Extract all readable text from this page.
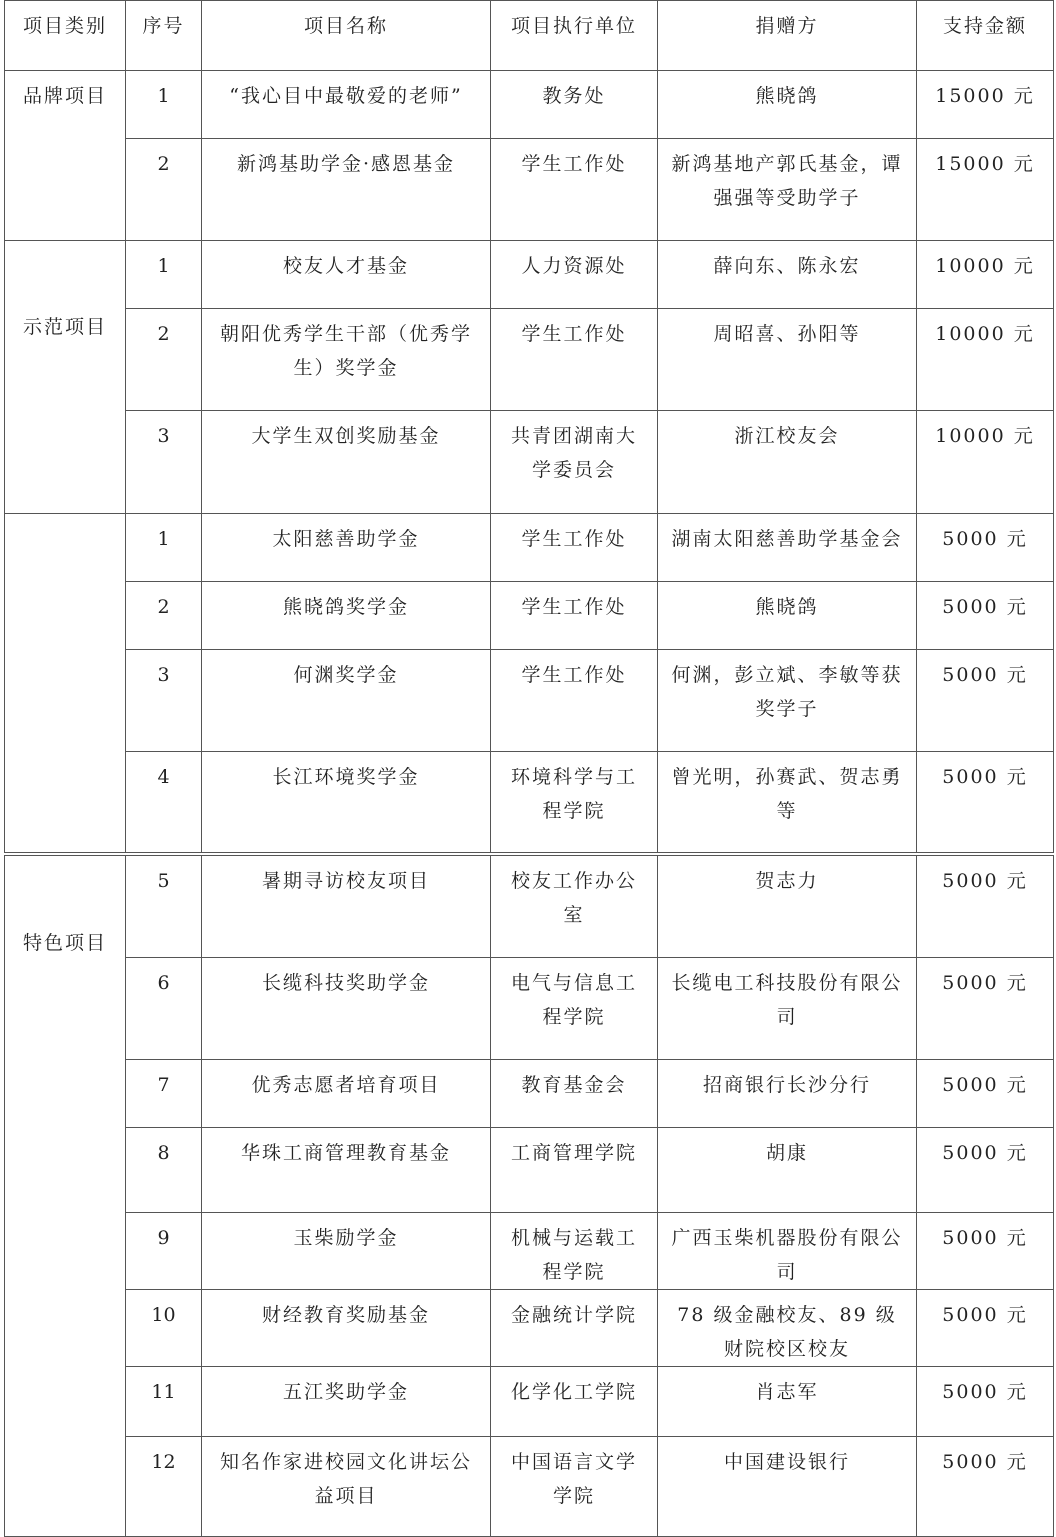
项目类别	序号	项目名称	项目执行单位	捐赠方	支持金额
品牌项目	1	“我心目中最敬爱的老师”	教务处	熊晓鸽	15000 元
	2	新鸿基助学金·感恩基金	学生工作处	新鸿基地产郭氏基金，谭强强等受助学子	15000 元
示范项目	1	校友人才基金	人力资源处	薛向东、陈永宏	10000 元
	2	朝阳优秀学生干部（优秀学生）奖学金	学生工作处	周昭喜、孙阳等	10000 元
	3	大学生双创奖励基金	共青团湖南大学委员会	浙江校友会	10000 元
	1	太阳慈善助学金	学生工作处	湖南太阳慈善助学基金会	5000 元
	2	熊晓鸽奖学金	学生工作处	熊晓鸽	5000 元
	3	何渊奖学金	学生工作处	何渊，彭立斌、李敏等获奖学子	5000 元
	4	长江环境奖学金	环境科学与工程学院	曾光明，孙赛武、贺志勇等	5000 元
特色项目	5	暑期寻访校友项目	校友工作办公室	贺志力	5000 元
	6	长缆科技奖助学金	电气与信息工程学院	长缆电工科技股份有限公司	5000 元
	7	优秀志愿者培育项目	教育基金会	招商银行长沙分行	5000 元
	8	华珠工商管理教育基金	工商管理学院	胡康	5000 元
	9	玉柴励学金	机械与运载工程学院	广西玉柴机器股份有限公司	5000 元
	10	财经教育奖励基金	金融统计学院	78 级金融校友、89 级财院校区校友	5000 元
	11	五江奖助学金	化学化工学院	肖志军	5000 元
	12	知名作家进校园文化讲坛公益项目	中国语言文学学院	中国建设银行	5000 元
